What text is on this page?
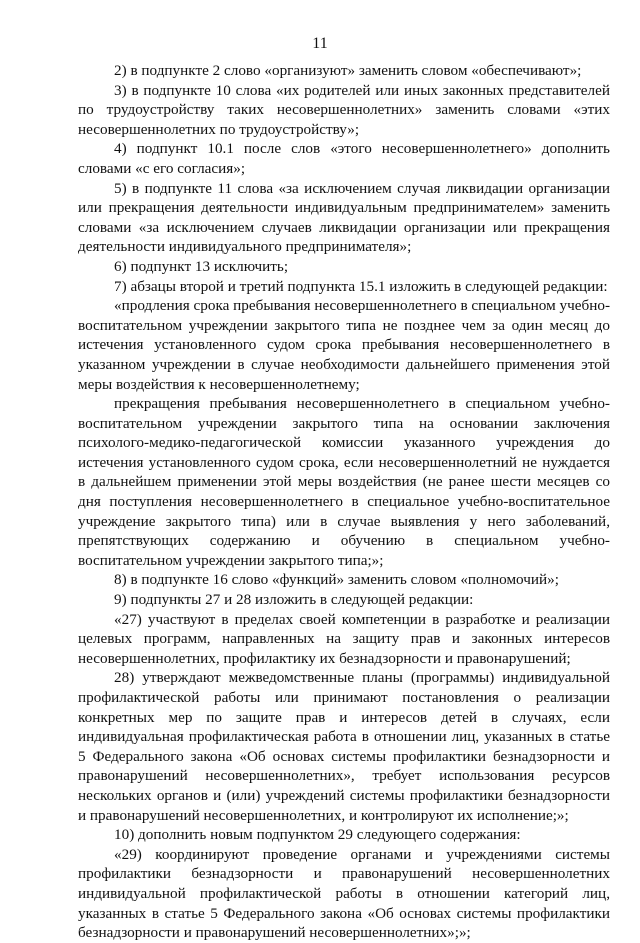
11

2) в подпункте 2 слово «организуют» заменить словом «обеспечивают»;

3) в подпункте 10 слова «их родителей или иных законных представителей по трудоустройству таких несовершеннолетних» заменить словами «этих несовершеннолетних по трудоустройству»;

4) подпункт 10.1 после слов «этого несовершеннолетнего» дополнить словами «с его согласия»;

5) в подпункте 11 слова «за исключением случая ликвидации организации или прекращения деятельности индивидуальным предпринимателем» заменить словами «за исключением случаев ликвидации организации или прекращения деятельности индивидуального предпринимателя»;

6) подпункт 13 исключить;

7) абзацы второй и третий подпункта 15.1 изложить в следующей редакции:

«продления срока пребывания несовершеннолетнего в специальном учебно-воспитательном учреждении закрытого типа не позднее чем за один месяц до истечения установленного судом срока пребывания несовершеннолетнего в указанном учреждении в случае необходимости дальнейшего применения этой меры воздействия к несовершеннолетнему;

прекращения пребывания несовершеннолетнего в специальном учебно-воспитательном учреждении закрытого типа на основании заключения психолого-медико-педагогической комиссии указанного учреждения до истечения установленного судом срока, если несовершеннолетний не нуждается в дальнейшем применении этой меры воздействия (не ранее шести месяцев со дня поступления несовершеннолетнего в специальное учебно-воспитательное учреждение закрытого типа) или в случае выявления у него заболеваний, препятствующих содержанию и обучению в специальном учебно-воспитательном учреждении закрытого типа;»;

8) в подпункте 16 слово «функций» заменить словом «полномочий»;

9) подпункты 27 и 28 изложить в следующей редакции:

«27) участвуют в пределах своей компетенции в разработке и реализации целевых программ, направленных на защиту прав и законных интересов несовершеннолетних, профилактику их безнадзорности и правонарушений;

28) утверждают межведомственные планы (программы) индивидуальной профилактической работы или принимают постановления о реализации конкретных мер по защите прав и интересов детей в случаях, если индивидуальная профилактическая работа в отношении лиц, указанных в статье 5 Федерального закона «Об основах системы профилактики безнадзорности и правонарушений несовершеннолетних», требует использования ресурсов нескольких органов и (или) учреждений системы профилактики безнадзорности и правонарушений несовершеннолетних, и контролируют их исполнение;»;

10) дополнить новым подпунктом 29 следующего содержания:

«29) координируют проведение органами и учреждениями системы профилактики безнадзорности и правонарушений несовершеннолетних индивидуальной профилактической работы в отношении категорий лиц, указанных в статье 5 Федерального закона «Об основах системы профилактики безнадзорности и правонарушений несовершеннолетних»;»;
